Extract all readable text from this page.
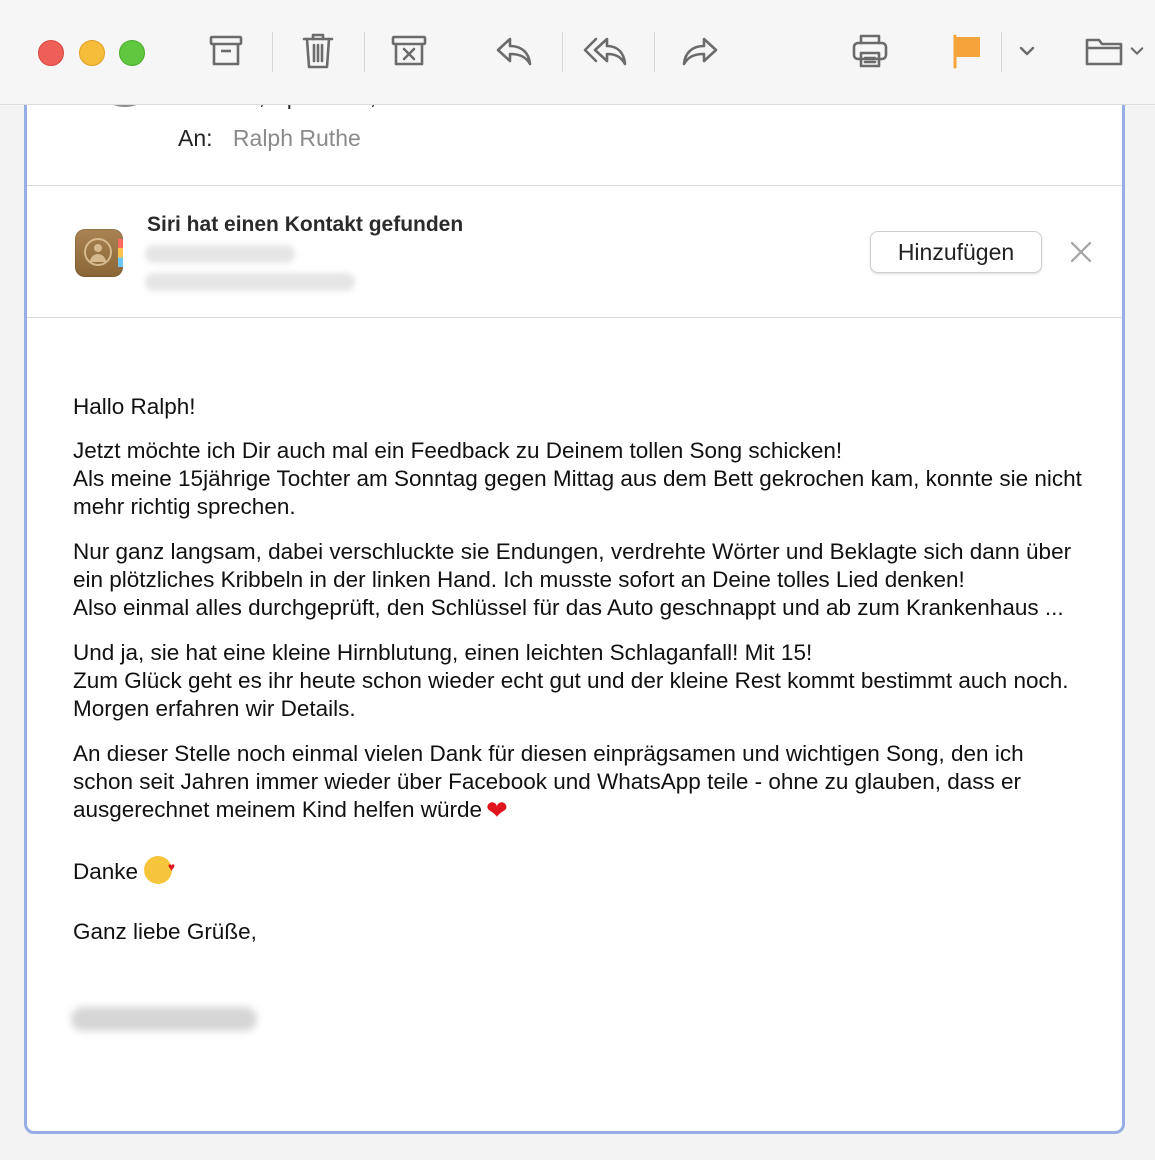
An: Ralph Ruthe
Siri hat einen Kontakt gefunden
Hinzufügen

Hallo Ralph!

Jetzt möchte ich Dir auch mal ein Feedback zu Deinem tollen Song schicken!
Als meine 15jährige Tochter am Sonntag gegen Mittag aus dem Bett gekrochen kam, konnte sie nicht mehr richtig sprechen.

Nur ganz langsam, dabei verschluckte sie Endungen, verdrehte Wörter und Beklagte sich dann über ein plötzliches Kribbeln in der linken Hand. Ich musste sofort an Deine tolles Lied denken!
Also einmal alles durchgeprüft, den Schlüssel für das Auto geschnappt und ab zum Krankenhaus ...

Und ja, sie hat eine kleine Hirnblutung, einen leichten Schlaganfall! Mit 15!
Zum Glück geht es ihr heute schon wieder echt gut und der kleine Rest kommt bestimmt auch noch. Morgen erfahren wir Details.

An dieser Stelle noch einmal vielen Dank für diesen einprägsamen und wichtigen Song, den ich schon seit Jahren immer wieder über Facebook und WhatsApp teile - ohne zu glauben, dass er ausgerechnet meinem Kind helfen würde ❤

Danke♥

Ganz liebe Grüße,
